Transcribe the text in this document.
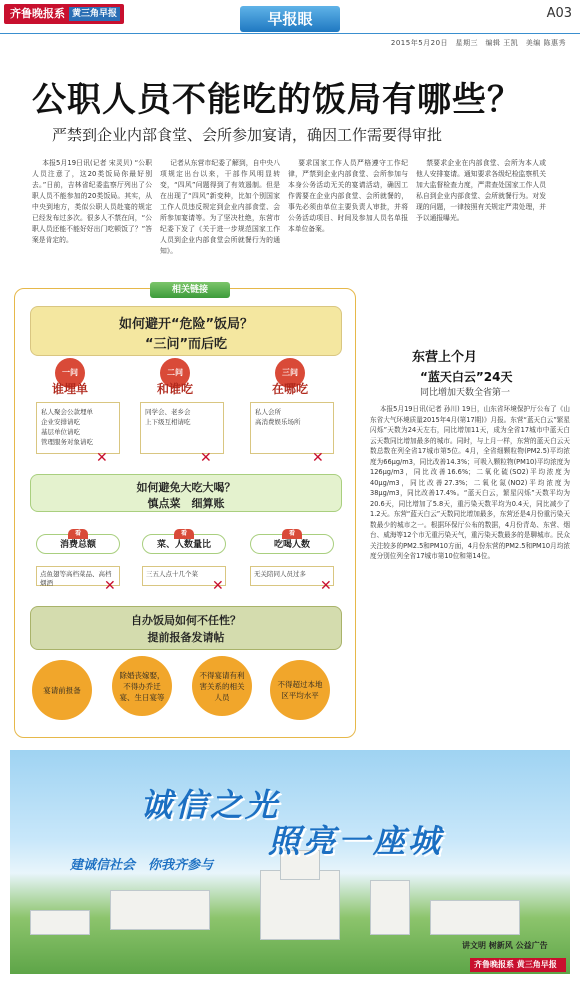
齐鲁晚报系 黄三角早报	早报眼	A03
2015年5月20日　星期三　编辑 王凯　美编 陈惠秀
公职人员不能吃的饭局有哪些？
严禁到企业内部食堂、会所参加宴请，确因工作需要得审批
本报5月19日讯(记者 宋灵贝) “公职人员注意了，这20类饭局你最好别去。”日前，吉林省纪委监察厅列出了公职人员不能参加的20类饭局。其实，从中央到地方，类似公职人员赴宴的规定已经发布过多次。很多人不禁在问，“公职人员还能不能好好出门吃顿饭了？”答案是肯定的。
记者从东营市纪委了解到，自中央八项规定出台以来，干部作风明显转变，“四风”问题得到了有效遏制。但是在出现了“四风”新变种，比如个别国家工作人员违反规定到企业内部食堂、会所参加宴请等。为了坚决杜绝，东营市纪委下发了《关于进一步规范国家工作人员到企业内部食堂会所就餐行为的通知》。
要求国家工作人员严格遵守工作纪律，严禁到企业内部食堂、会所参加与本身公务活动无关的宴请活动，确因工作需要在企业内部食堂、会所就餐的，事先必须由单位主要负责人审批，并将公务活动项目、时间及参加人员名单报本单位备案。
禁要求企业在内部食堂、会所为本人或他人安排宴请。通知要求各级纪检监察机关加大监督检查力度，严肃查处国家工作人员私自到企业内部食堂、会所就餐行为。对发现的问题，一律按照有关规定严肃处理，并予以通报曝光。
相关链接
如何避开“危险”饭局？
“三问”而后吃
一问
谁埋单
私人聚会公款埋单
企业安排请吃
基层单位请吃
管理服务对象请吃
✕
二问
和谁吃
同学会、老乡会
上下级互相请吃
✕
三问
在哪吃
私人会所
高消费娱乐场所
✕
如何避免大吃大喝？
慎点菜　细算账
看
消费总额
点鱼翅等高档菜品、高档烟酒	✕
看
菜、人数量比
三五人点十几个菜
✕
看
吃喝人数
无关陪同人员过多
✕
自办饭局如何不任性？
提前报备发请帖
宴请前报备
除婚丧嫁娶，不得办乔迁宴、生日宴等
不得宴请有利害关系的相关人员
不得超过本地区平均水平
东营上个月
“蓝天白云”24天
同比增加天数全省第一
本报5月19日讯(记者 孙川) 19日，山东省环境保护厅公布了《山东省大气环境质量2015年4月(第17期)》月报。东营“蓝天白云”繁星闪烁”天数为24天左右，同比增加11天，成为全省17城市中蓝天白云天数同比增加最多的城市。同时，与上月一样，东营的蓝天白云天数总数在列全省17城市第5位。4月，全省细颗粒物(PM2.5)平均浓度为66μg/m3，同比改善14.3%；可吸入颗粒物(PM10)平均浓度为126μg/m3，同比改善16.6%；二氧化硫(SO2)平均浓度为40μg/m3，同比改善27.3%；二氧化氮(NO2)平均浓度为38μg/m3，同比改善17.4%。“蓝天白云，繁星闪烁”天数平均为20.6天，同比增加了5.8天，重污染天数平均为0.4天，同比减少了1.2天。东营“蓝天白云”天数同比增加最多，东营还是4月份重污染天数最少的城市之一。根据环保厅公布的数据，4月份青岛、东营、烟台、威海等12个市无重污染天气，重污染天数最多的是聊城市。民众关注较多的PM2.5和PM10方面，4月份东营的PM2.5和PM10月均浓度分别位列全省17城市第10位和第14位。
诚信之光
照亮一座城
建诚信社会　你我齐参与
讲文明 树新风 公益广告
齐鲁晚报系 黄三角早报
